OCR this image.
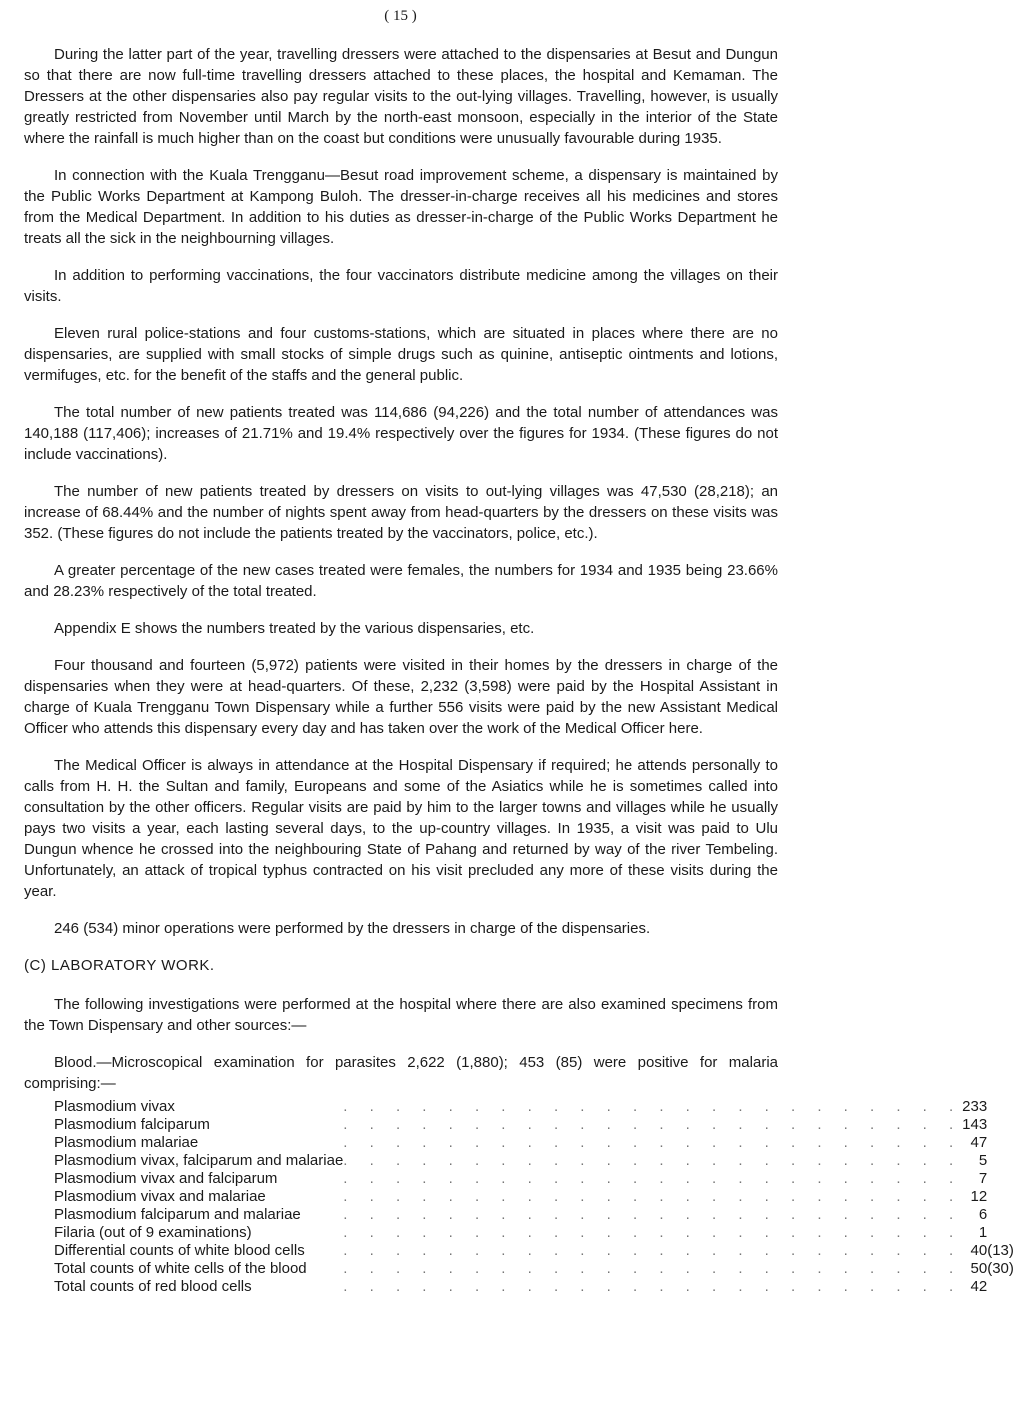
( 15 )

During the latter part of the year, travelling dressers were attached to the dispensaries at Besut and Dungun so that there are now full-time travelling dressers attached to these places, the hospital and Kemaman. The Dressers at the other dispensaries also pay regular visits to the out-lying villages. Travelling, however, is usually greatly restricted from November until March by the north-east monsoon, especially in the interior of the State where the rainfall is much higher than on the coast but conditions were unusually favourable during 1935.

In connection with the Kuala Trengganu—Besut road improvement scheme, a dispensary is maintained by the Public Works Department at Kampong Buloh. The dresser-in-charge receives all his medicines and stores from the Medical Department. In addition to his duties as dresser-in-charge of the Public Works Department he treats all the sick in the neighbourning villages.

In addition to performing vaccinations, the four vaccinators distribute medicine among the villages on their visits.

Eleven rural police-stations and four customs-stations, which are situated in places where there are no dispensaries, are supplied with small stocks of simple drugs such as quinine, antiseptic ointments and lotions, vermifuges, etc. for the benefit of the staffs and the general public.

The total number of new patients treated was 114,686 (94,226) and the total number of attendances was 140,188 (117,406); increases of 21.71% and 19.4% respectively over the figures for 1934. (These figures do not include vaccinations).

The number of new patients treated by dressers on visits to out-lying villages was 47,530 (28,218); an increase of 68.44% and the number of nights spent away from head-quarters by the dressers on these visits was 352. (These figures do not include the patients treated by the vaccinators, police, etc.).

A greater percentage of the new cases treated were females, the numbers for 1934 and 1935 being 23.66% and 28.23% respectively of the total treated.

Appendix E shows the numbers treated by the various dispensaries, etc.

Four thousand and fourteen (5,972) patients were visited in their homes by the dressers in charge of the dispensaries when they were at head-quarters. Of these, 2,232 (3,598) were paid by the Hospital Assistant in charge of Kuala Trengganu Town Dispensary while a further 556 visits were paid by the new Assistant Medical Officer who attends this dispensary every day and has taken over the work of the Medical Officer here.

The Medical Officer is always in attendance at the Hospital Dispensary if required; he attends personally to calls from H. H. the Sultan and family, Europeans and some of the Asiatics while he is sometimes called into consultation by the other officers. Regular visits are paid by him to the larger towns and villages while he usually pays two visits a year, each lasting several days, to the up-country villages. In 1935, a visit was paid to Ulu Dungun whence he crossed into the neighbouring State of Pahang and returned by way of the river Tembeling. Unfortunately, an attack of tropical typhus contracted on his visit precluded any more of these visits during the year.

246 (534) minor operations were performed by the dressers in charge of the dispensaries.

(C) LABORATORY WORK.

The following investigations were performed at the hospital where there are also examined specimens from the Town Dispensary and other sources:—

Blood.—Microscopical examination for parasites 2,622 (1,880); 453 (85) were positive for malaria comprising:—

Plasmodium vivax	. . . . . . . . . . . . . . . . . . . . . . . .	233	
Plasmodium falciparum	. . . . . . . . . . . . . . . . . . . . . . . .	143	
Plasmodium malariae	. . . . . . . . . . . . . . . . . . . . . . . .	47	
Plasmodium vivax, falciparum and malariae	. . . . . . . . . . . . . . . . . . . . . . . .	5	
Plasmodium vivax and falciparum	. . . . . . . . . . . . . . . . . . . . . . . .	7	
Plasmodium vivax and malariae	. . . . . . . . . . . . . . . . . . . . . . . .	12	
Plasmodium falciparum and malariae	. . . . . . . . . . . . . . . . . . . . . . . .	6	
Filaria (out of 9 examinations)	. . . . . . . . . . . . . . . . . . . . . . . .	1	
Differential counts of white blood cells	. . . . . . . . . . . . . . . . . . . . . . . .	40	(13)
Total counts of white cells of the blood	. . . . . . . . . . . . . . . . . . . . . . . .	50	(30)
Total counts of red blood cells	. . . . . . . . . . . . . . . . . . . . . . . .	42	
